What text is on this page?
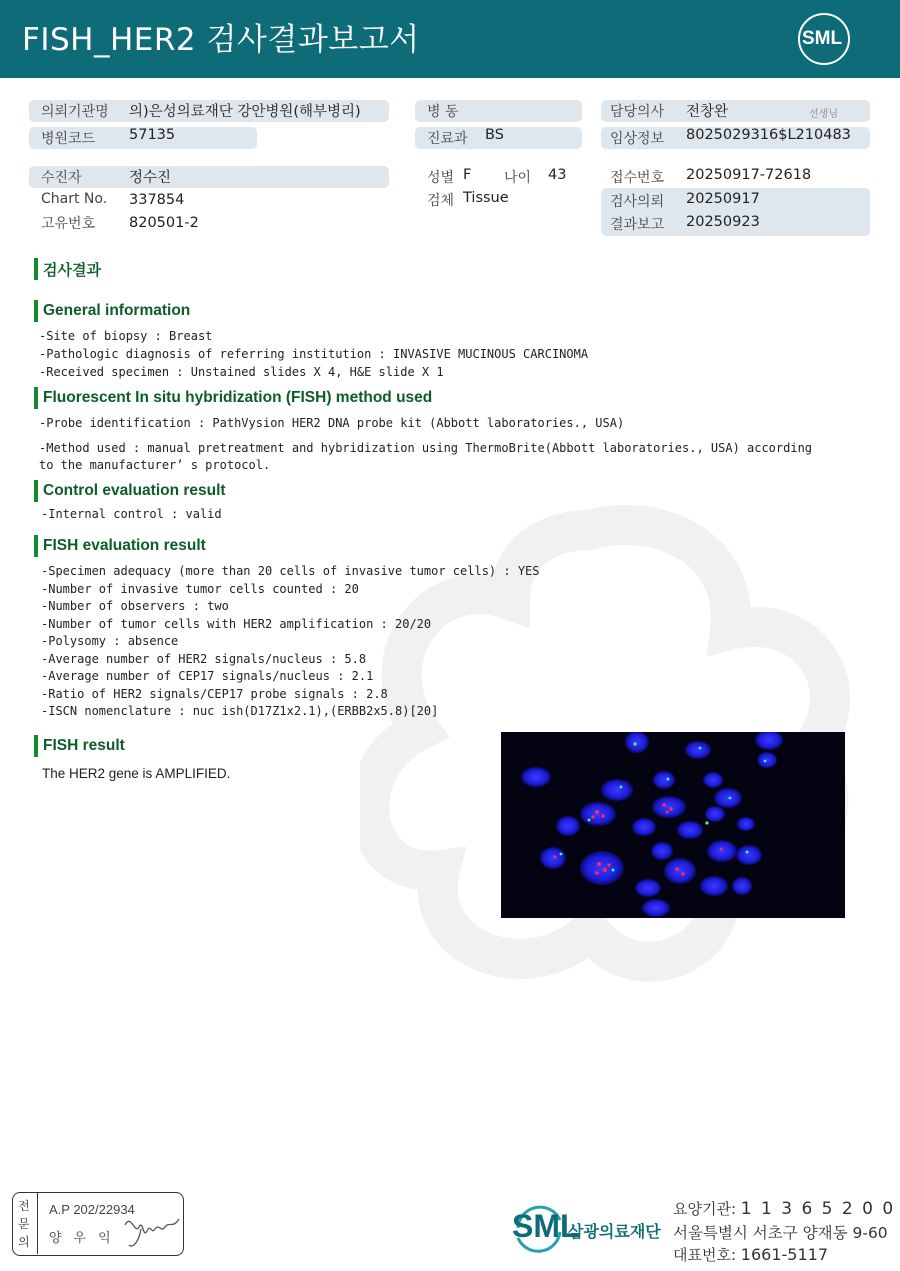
FISH_HER2 검사결과보고서	SML
의뢰기관명 의)은성의료재단 강안병원(해부병리)
병원코드 57135
병 동
진료과 BS
담당의사 전창완	선생님
임상정보 8025029316$L210483
수진자	정수진
Chart No. 337854
고유번호 820501-2
성별 F 나이 43
검체 Tissue
접수번호 20250917-72618
검사의뢰 20250917
결과보고 20250923
검사결과
General information
-Site of biopsy : Breast
-Pathologic diagnosis of referring institution : INVASIVE MUCINOUS CARCINOMA
-Received specimen : Unstained slides X 4, H&E slide X 1
Fluorescent In situ hybridization (FISH) method used
-Probe identification : PathVysion HER2 DNA probe kit (Abbott laboratories., USA)
-Method used : manual pretreatment and hybridization using ThermoBrite(Abbott laboratories., USA) according
to the manufacturer’ s protocol.
Control evaluation result
-Internal control : valid
FISH evaluation result
-Specimen adequacy (more than 20 cells of invasive tumor cells) : YES
-Number of invasive tumor cells counted : 20
-Number of observers : two
-Number of tumor cells with HER2 amplification : 20/20
-Polysomy : absence
-Average number of HER2 signals/nucleus : 5.8
-Average number of CEP17 signals/nucleus : 2.1
-Ratio of HER2 signals/CEP17 probe signals : 2.8
-ISCN nomenclature : nuc ish(D17Z1x2.1),(ERBB2x5.8)[20]
FISH result
The HER2 gene is AMPLIFIED.
전
문
의
A.P 202/22934
양우익	SML
삼광의료재단
요양기관: 1 1 3 6 5 2 0 0
서울특별시 서초구 양재동 9-60
대표번호: 1661-5117
